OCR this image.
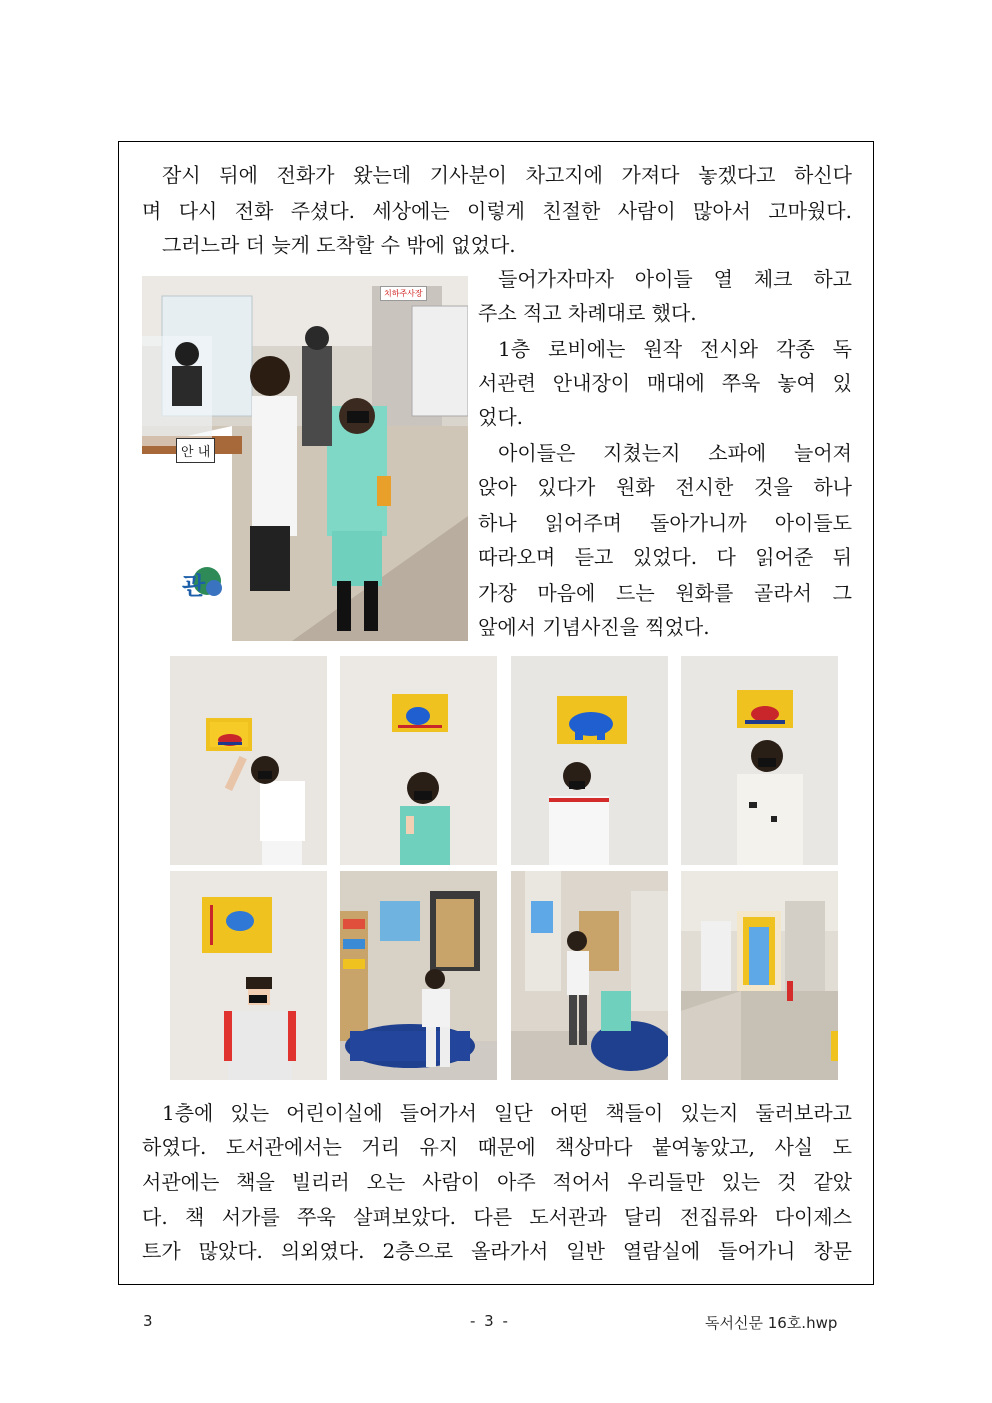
잠시 뒤에 전화가 왔는데 기사분이 차고지에 가져다 놓겠다고 하신다
며 다시 전화 주셨다. 세상에는 이렇게 친절한 사람이 많아서 고마웠다.
그러느라 더 늦게 도착할 수 밖에 없었다.
안 내
치하주사장
관
들어가자마자 아이들 열 체크 하고
주소 적고 차례대로 했다.
1층 로비에는 원작 전시와 각종 독
서관련 안내장이 매대에 쭈욱 놓여 있
었다.
아이들은 지쳤는지 소파에 늘어져
앉아 있다가 원화 전시한 것을 하나
하나 읽어주며 돌아가니까 아이들도
따라오며 듣고 있었다. 다 읽어준 뒤
가장 마음에 드는 원화를 골라서 그
앞에서 기념사진을 찍었다.
1층에 있는 어린이실에 들어가서 일단 어떤 책들이 있는지 둘러보라고
하였다. 도서관에서는 거리 유지 때문에 책상마다 붙여놓았고, 사실 도
서관에는 책을 빌리러 오는 사람이 아주 적어서 우리들만 있는 것 같았
다. 책 서가를 쭈욱 살펴보았다. 다른 도서관과 달리 전집류와 다이제스
트가 많았다. 의외였다. 2층으로 올라가서 일반 열람실에 들어가니 창문
3	- 3 -	독서신문 16호.hwp
